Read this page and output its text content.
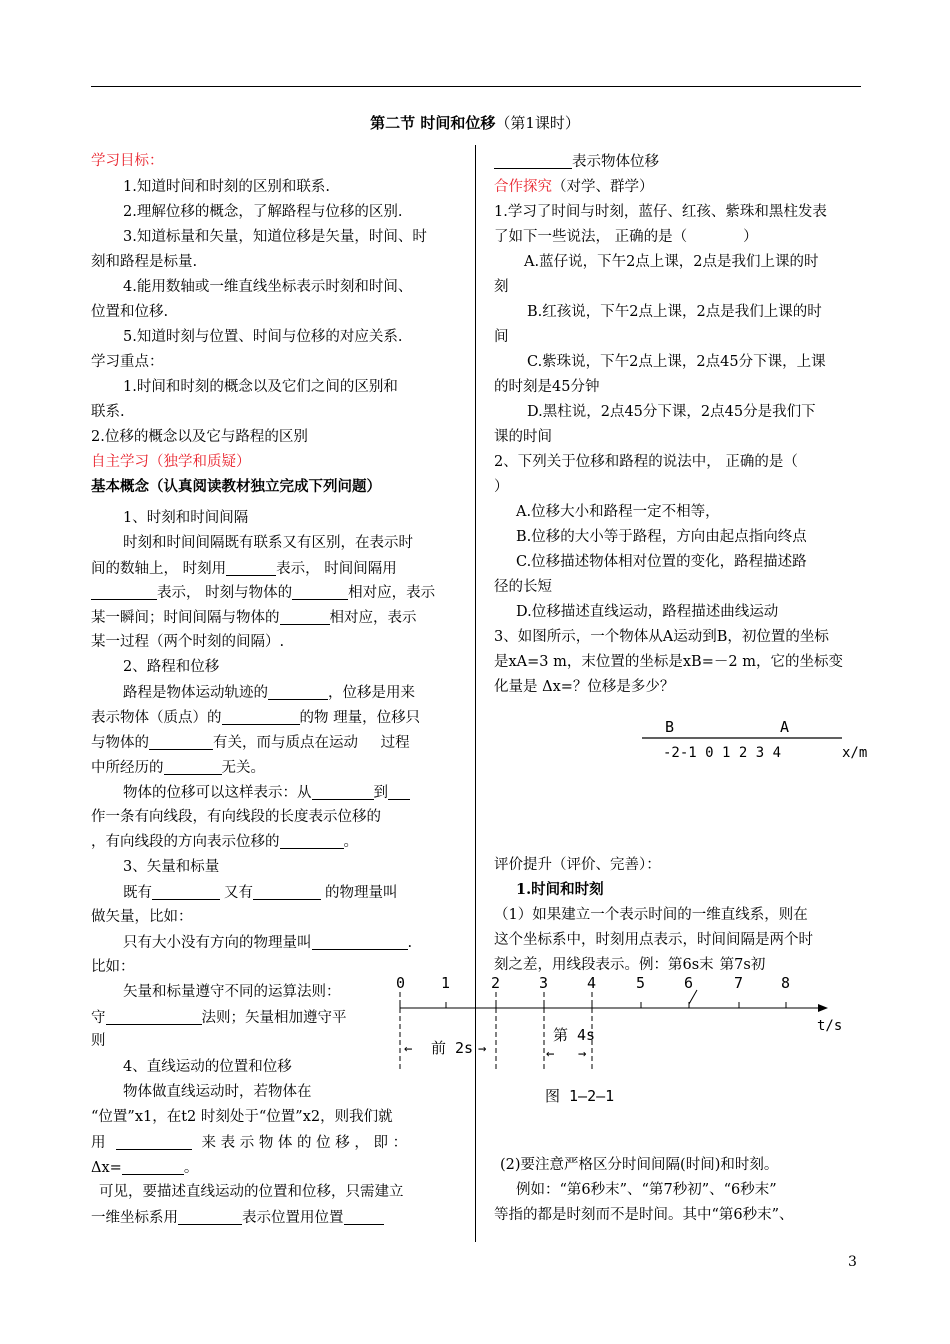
第二节 时间和位移（第1课时）
学习目标：
1.知道时间和时刻的区别和联系.
2.理解位移的概念，了解路程与位移的区别.
3.知道标量和矢量，知道位移是矢量，时间、时
刻和路程是标量.
4.能用数轴或一维直线坐标表示时刻和时间、
位置和位移.
5.知道时刻与位置、时间与位移的对应关系.
学习重点：
1.时间和时刻的概念以及它们之间的区别和
联系.
2.位移的概念以及它与路程的区别
自主学习（独学和质疑）
基本概念（认真阅读教材独立完成下列问题）
1、时刻和时间间隔
时刻和时间间隔既有联系又有区别，在表示时
间的数轴上， 时刻用	表示， 时间间隔用
表示， 时刻与物体的	相对应，表示
某一瞬间；时间间隔与物体的	相对应，表示
某一过程（两个时刻的间隔）.
2、路程和位移
路程是物体运动轨迹的	，位移是用来
表示物体（质点）的	的物 理量，位移只
与物体的	有关，而与质点在运动 过程
中所经历的	无关。
物体的位移可以这样表示：从	到
作一条有向线段，有向线段的长度表示位移的
，有向线段的方向表示位移的	。
3、矢量和标量
既有	又有	的物理量叫
做矢量，比如：
只有大小没有方向的物理量叫	.
比如：
矢量和标量遵守不同的运算法则：
守	法则；矢量相加遵守平
则
4、直线运动的位置和位移
物体做直线运动时，若物体在
“位置”x1，在t2 时刻处于“位置”x2，则我们就
用	来 表 示 物 体 的 位 移 ， 即 ：
Δx=	。
可见，要描述直线运动的位置和位移，只需建立
一维坐标系用	表示位置用位置
表示物体位移
合作探究（对学、群学）
1.学习了时间与时刻，蓝仔、红孩、紫珠和黑柱发表
了如下一些说法， 正确的是（	）
A.蓝仔说，下午2点上课，2点是我们上课的时
刻
B.红孩说，下午2点上课，2点是我们上课的时
间
C.紫珠说，下午2点上课，2点45分下课，上课
的时刻是45分钟
D.黑柱说，2点45分下课，2点45分是我们下
课的时间
2、下列关于位移和路程的说法中， 正确的是（
）
A.位移大小和路程一定不相等，
B.位移的大小等于路程，方向由起点指向终点
C.位移描述物体相对位置的变化，路程描述路
径的长短
D.位移描述直线运动，路程描述曲线运动
3、如图所示，一个物体从A运动到B，初位置的坐标
是xA=3 m，末位置的坐标是xB=－2 m，它的坐标变
化量是 Δx=？位移是多少？
B	A
-2-1 0 1 2 3 4	x/m
评价提升（评价、完善）：
1.时间和时刻
（1）如果建立一个表示时间的一维直线系，则在
这个坐标系中，时刻用点表示，时间间隔是两个时
刻之差，用线段表示。例：第6s末 第7s初
0 1	2	3	4	5	6	7	8
t/s
← 前 2s →
第 4s
← →
图 1—2—1
(2)要注意严格区分时间间隔(时间)和时刻。
例如：“第6秒末”、“第7秒初”、“6秒末”
等指的都是时刻而不是时间。其中“第6秒末”、
3
